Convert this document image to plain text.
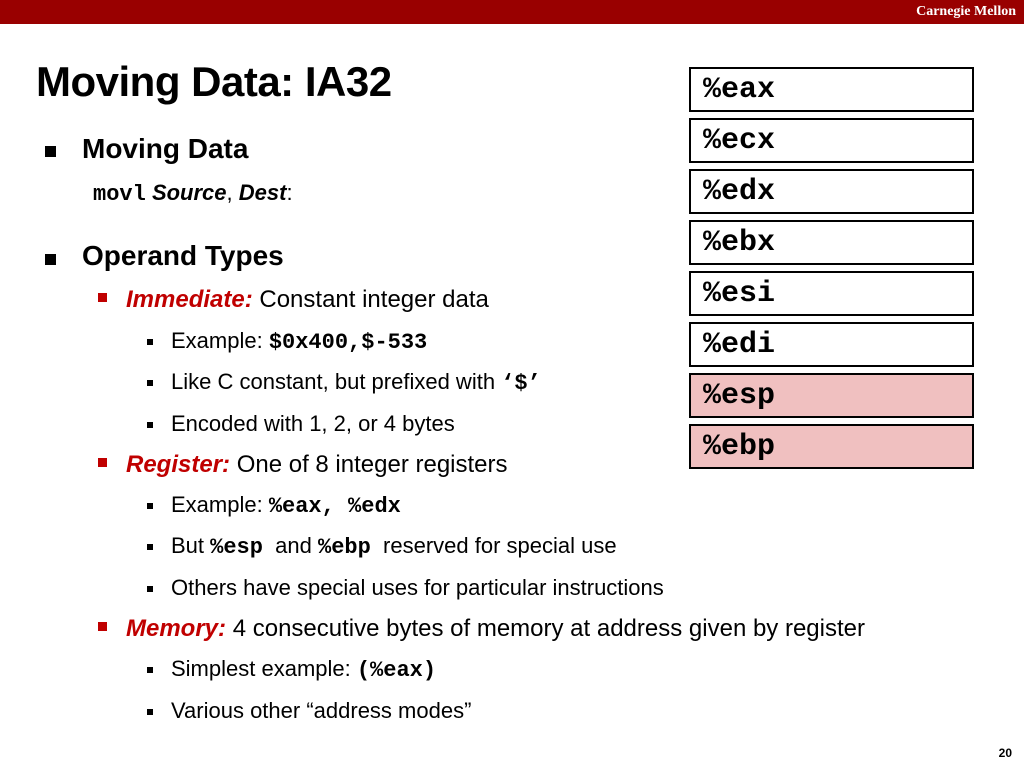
Carnegie Mellon
Moving Data: IA32
Moving Data
movl Source, Dest:
Operand Types
Immediate: Constant integer data
Example: $0x400,$-533
Like C constant, but prefixed with ‘$’
Encoded with 1, 2, or 4 bytes
Register: One of 8 integer registers
Example: %eax, %edx
But %esp  and %ebp  reserved for special use
Others have special uses for particular instructions
Memory: 4 consecutive bytes of memory at address given by register
Simplest example: (%eax)
Various other “address modes”
%eax
%ecx
%edx
%ebx
%esi
%edi
%esp
%ebp
20
